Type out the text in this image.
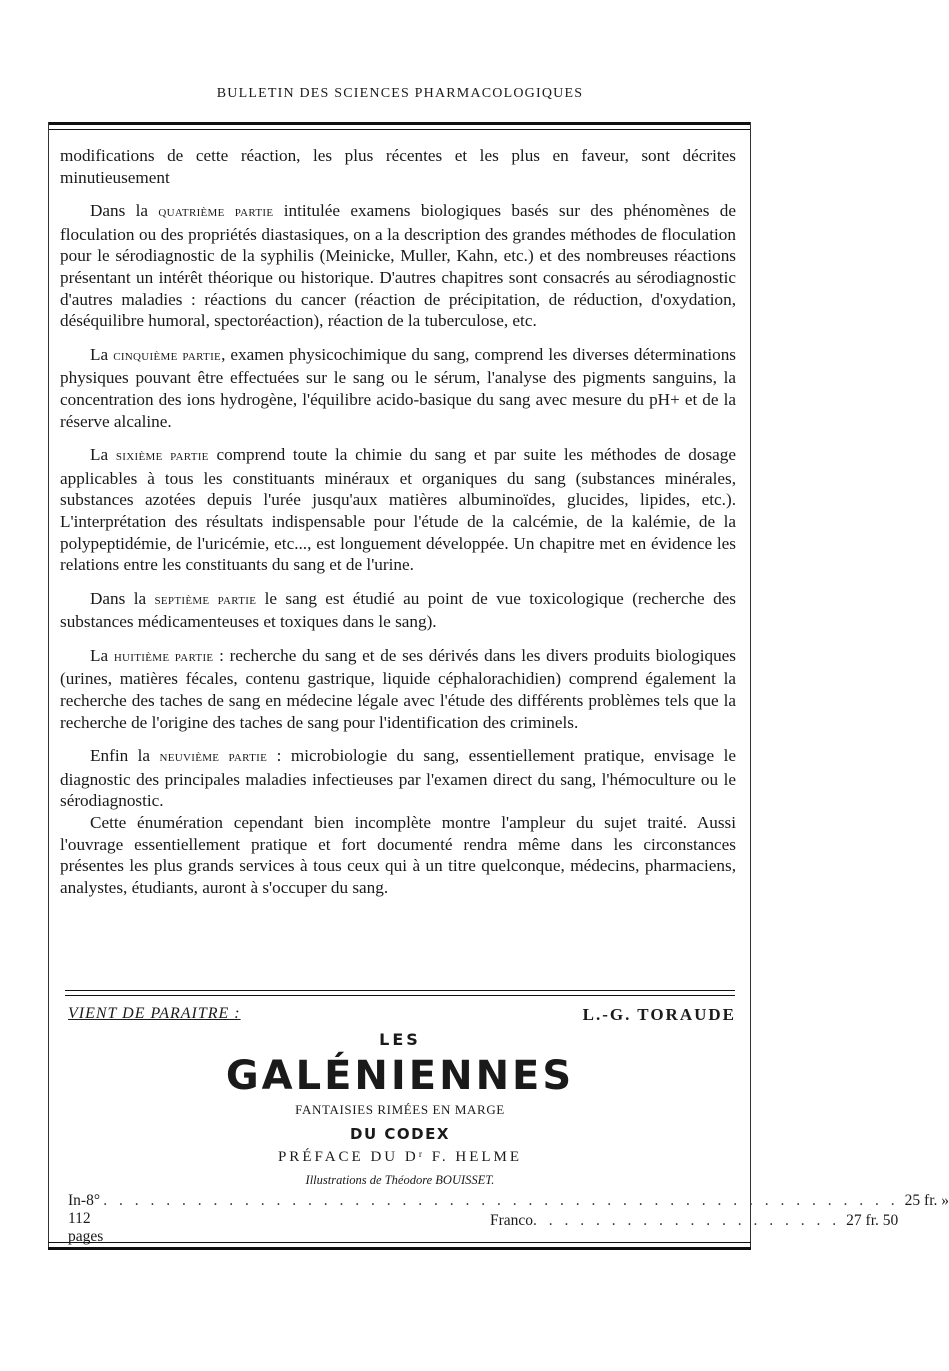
BULLETIN DES SCIENCES PHARMACOLOGIQUES

modifications de cette réaction, les plus récentes et les plus en faveur, sont décrites minutieusement

Dans la quatrième partie intitulée examens biologiques basés sur des phénomènes de floculation ou des propriétés diastasiques, on a la description des grandes méthodes de floculation pour le sérodiagnostic de la syphilis (Meinicke, Muller, Kahn, etc.) et des nombreuses réactions présentant un intérêt théorique ou historique. D'autres chapitres sont consacrés au sérodiagnostic d'autres maladies : réactions du cancer (réaction de précipitation, de réduction, d'oxydation, déséquilibre humoral, spectoréaction), réaction de la tuberculose, etc.

La cinquième partie, examen physicochimique du sang, comprend les diverses déterminations physiques pouvant être effectuées sur le sang ou le sérum, l'analyse des pigments sanguins, la concentration des ions hydrogène, l'équilibre acido-basique du sang avec mesure du pH+ et de la réserve alcaline.

La sixième partie comprend toute la chimie du sang et par suite les méthodes de dosage applicables à tous les constituants minéraux et organiques du sang (substances minérales, substances azotées depuis l'urée jusqu'aux matières albuminoïdes, glucides, lipides, etc.). L'interprétation des résultats indispensable pour l'étude de la calcémie, de la kalémie, de la polypeptidémie, de l'uricémie, etc..., est longuement développée. Un chapitre met en évidence les relations entre les constituants du sang et de l'urine.

Dans la septième partie le sang est étudié au point de vue toxicologique (recherche des substances médicamenteuses et toxiques dans le sang).

La huitième partie : recherche du sang et de ses dérivés dans les divers produits biologiques (urines, matières fécales, contenu gastrique, liquide céphalorachidien) comprend également la recherche des taches de sang en médecine légale avec l'étude des différents problèmes tels que la recherche de l'origine des taches de sang pour l'identification des criminels.

Enfin la neuvième partie : microbiologie du sang, essentiellement pratique, envisage le diagnostic des principales maladies infectieuses par l'examen direct du sang, l'hémoculture ou le sérodiagnostic.

Cette énumération cependant bien incomplète montre l'ampleur du sujet traité. Aussi l'ouvrage essentiellement pratique et fort documenté rendra même dans les circonstances présentes les plus grands services à tous ceux qui à un titre quelconque, médecins, pharmaciens, analystes, étudiants, auront à s'occuper du sang.

VIENT DE PARAITRE :	L.-G. TORAUDE
LES
GALÉNIENNES
FANTAISIES RIMÉES EN MARGE
DU CODEX
PRÉFACE DU Dʳ F. HELME
Illustrations de Théodore BOUISSET.
In-8° 112 pages
. . . . . . . . . . . . . . . . . . . . . . . . . . . . . . . . . . . . . . . . . . . . . . . . . . . 25 fr. »
Franco . . . . . . . . . . . . . . . . . . . . 27 fr. 50
